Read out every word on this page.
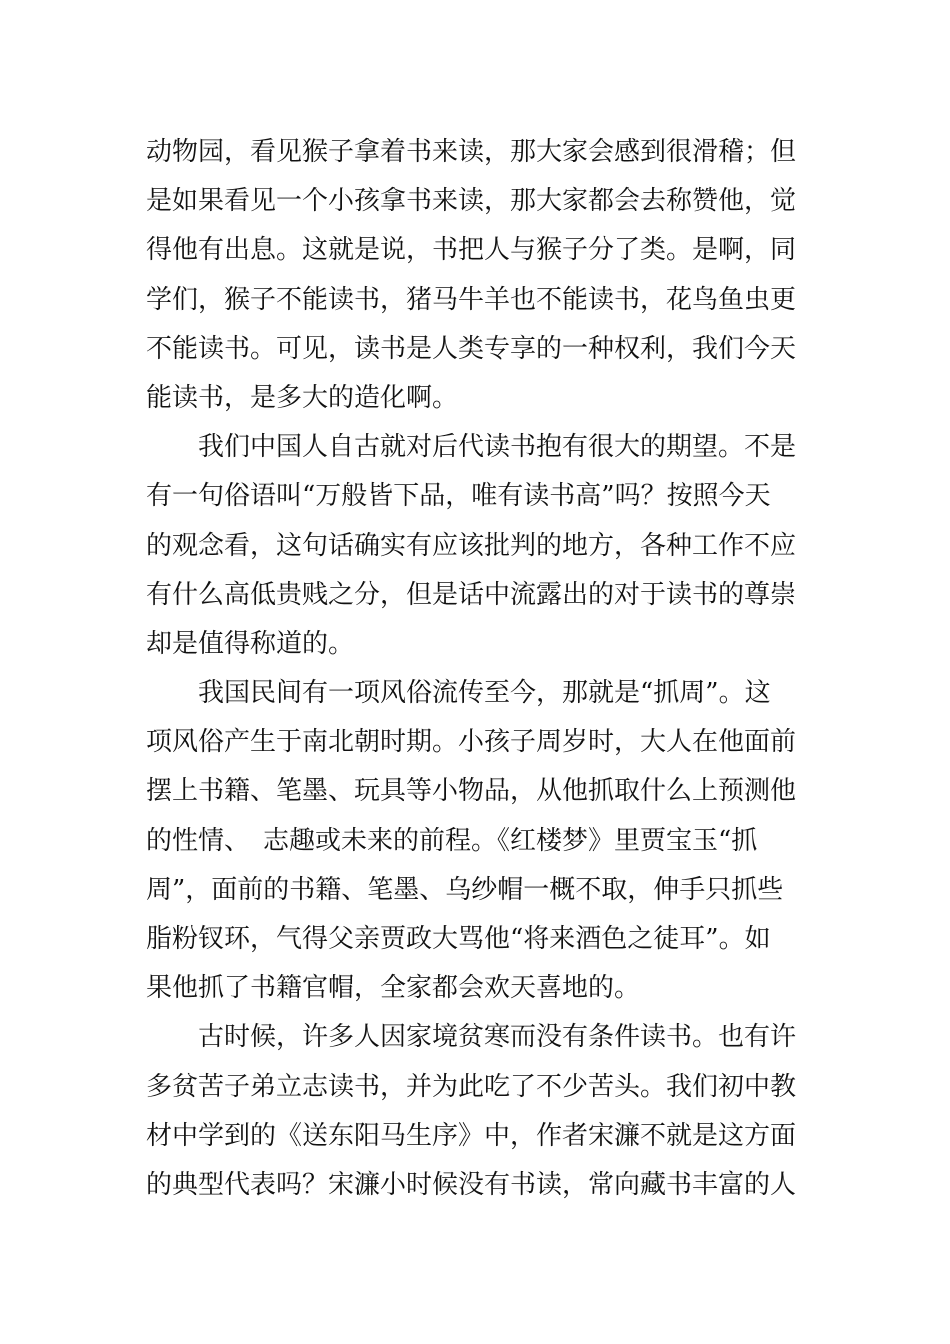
动物园，看见猴子拿着书来读，那大家会感到很滑稽；但
是如果看见一个小孩拿书来读，那大家都会去称赞他，觉
得他有出息。这就是说，书把人与猴子分了类。是啊，同
学们，猴子不能读书，猪马牛羊也不能读书，花鸟鱼虫更
不能读书。可见，读书是人类专享的一种权利，我们今天
能读书，是多大的造化啊。
　　我们中国人自古就对后代读书抱有很大的期望。不是
有一句俗语叫“万般皆下品，唯有读书高”吗？按照今天
的观念看，这句话确实有应该批判的地方，各种工作不应
有什么高低贵贱之分，但是话中流露出的对于读书的尊崇
却是值得称道的。
　　我国民间有一项风俗流传至今，那就是“抓周”。这
项风俗产生于南北朝时期。小孩子周岁时，大人在他面前
摆上书籍、笔墨、玩具等小物品，从他抓取什么上预测他
的性情、　志趣或未来的前程。《红楼梦》里贾宝玉“抓
周”，面前的书籍、笔墨、乌纱帽一概不取，伸手只抓些
脂粉钗环，气得父亲贾政大骂他“将来酒色之徒耳”。如
果他抓了书籍官帽，全家都会欢天喜地的。
　　古时候，许多人因家境贫寒而没有条件读书。也有许
多贫苦子弟立志读书，并为此吃了不少苦头。我们初中教
材中学到的《送东阳马生序》中，作者宋濂不就是这方面
的典型代表吗？宋濂小时候没有书读，常向藏书丰富的人
